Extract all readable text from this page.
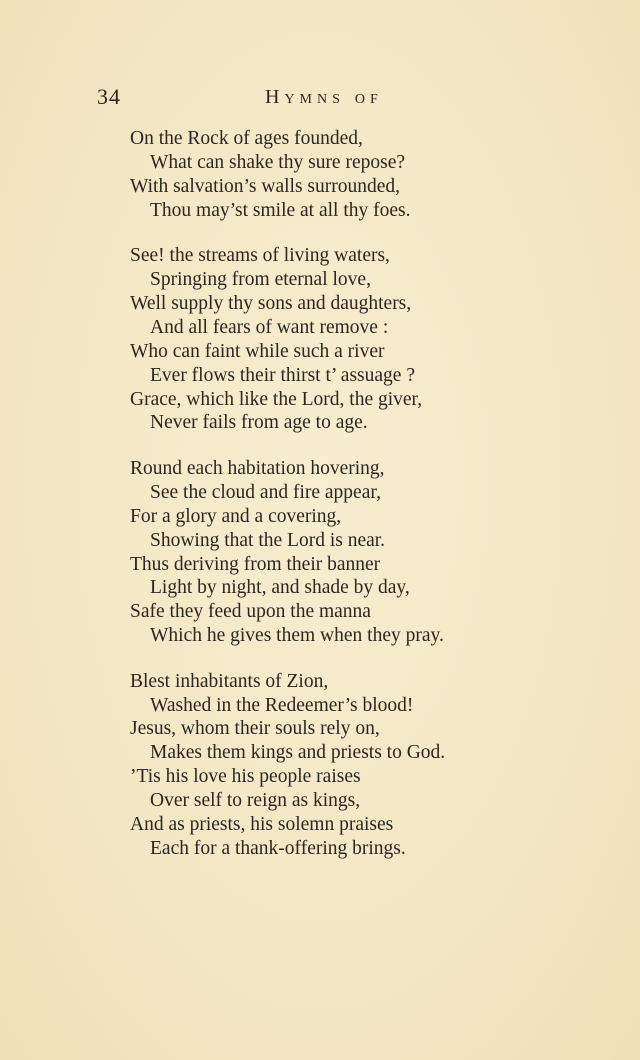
34	Hymns of
On the Rock of ages founded,
What can shake thy sure repose?
With salvation’s walls surrounded,
Thou may’st smile at all thy foes.
See! the streams of living waters,
Springing from eternal love,
Well supply thy sons and daughters,
And all fears of want remove :
Who can faint while such a river
Ever flows their thirst t’ assuage ?
Grace, which like the Lord, the giver,
Never fails from age to age.
Round each habitation hovering,
See the cloud and fire appear,
For a glory and a covering,
Showing that the Lord is near.
Thus deriving from their banner
Light by night, and shade by day,
Safe they feed upon the manna
Which he gives them when they pray.
Blest inhabitants of Zion,
Washed in the Redeemer’s blood!
Jesus, whom their souls rely on,
Makes them kings and priests to God.
’Tis his love his people raises
Over self to reign as kings,
And as priests, his solemn praises
Each for a thank-offering brings.
